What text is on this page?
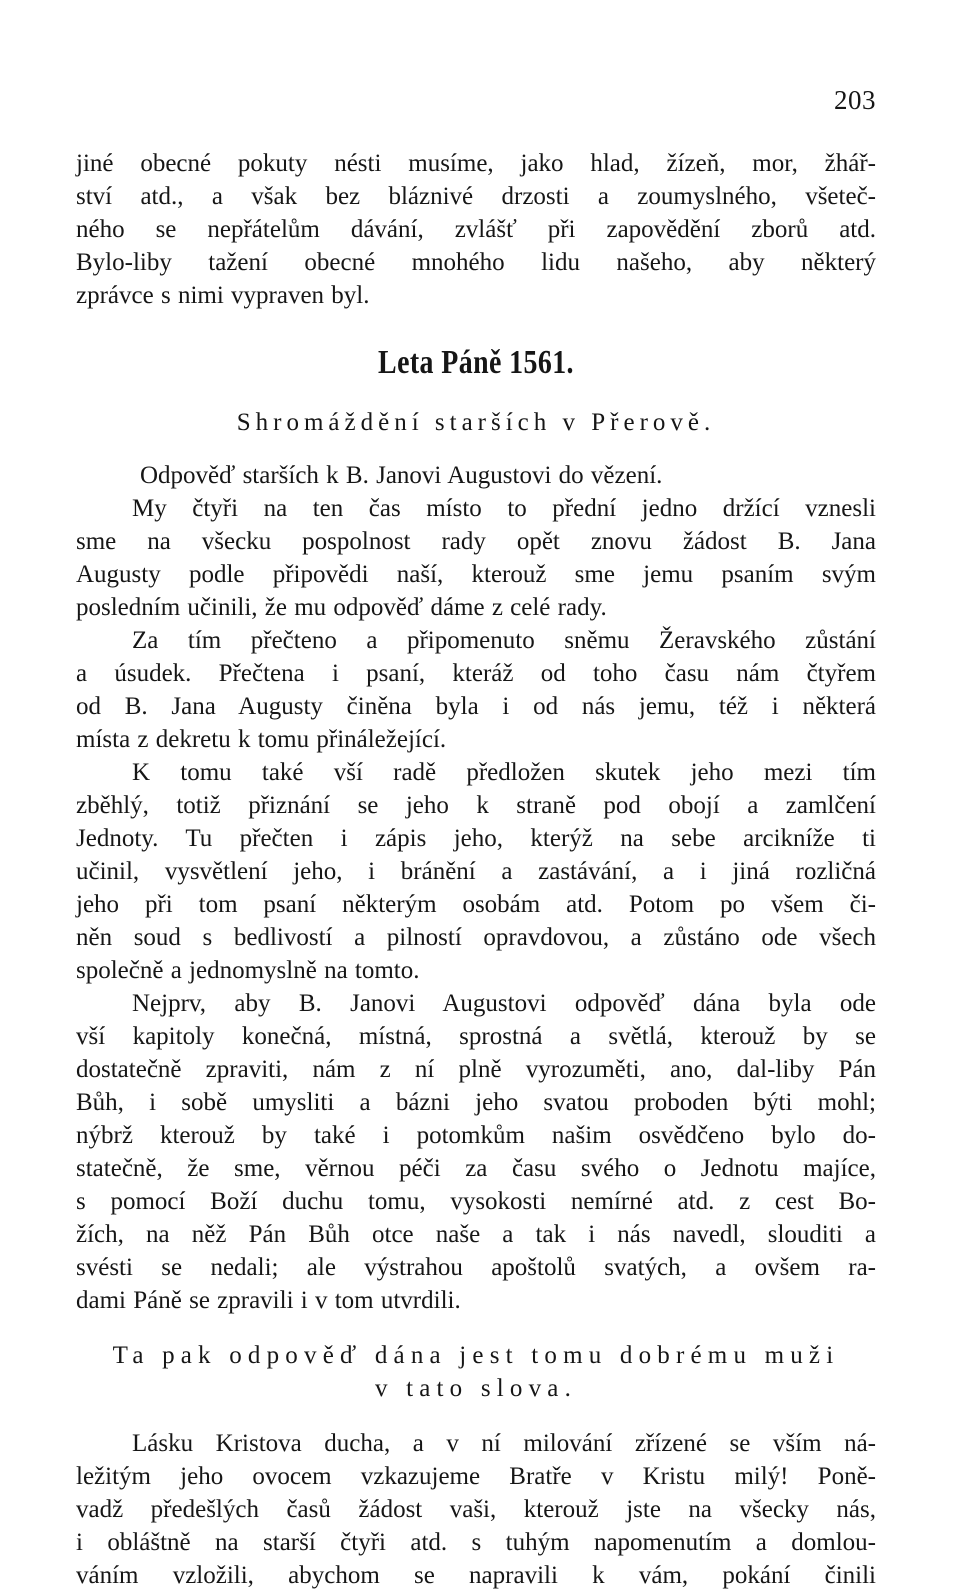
203
jiné obecné pokuty nésti musíme, jako hlad, žízeň, mor, žhář-
ství atd., a však bez bláznivé drzosti a zoumyslného, všeteč-
ného se nepřátelům dávání, zvlášť při zapovědění zborů atd.
Bylo-liby tažení obecné mnohého lidu našeho, aby některý
zprávce s nimi vypraven byl.
Leta Páně 1561.
Shromáždění starších v Přerově.
Odpověď starších k B. Janovi Augustovi do vězení.
My čtyři na ten čas místo to přední jedno držící vznesli
sme na všecku pospolnost rady opět znovu žádost B. Jana
Augusty podle připovědi naší, kterouž sme jemu psaním svým
posledním učinili, že mu odpověď dáme z celé rady.
Za tím přečteno a připomenuto sněmu Žeravského zůstání
a úsudek. Přečtena i psaní, kteráž od toho času nám čtyřem
od B. Jana Augusty činěna byla i od nás jemu, též i některá
místa z dekretu k tomu přináležející.
K tomu také vší radě předložen skutek jeho mezi tím
zběhlý, totiž přiznání se jeho k straně pod obojí a zamlčení
Jednoty. Tu přečten i zápis jeho, kterýž na sebe arcikníže ti
učinil, vysvětlení jeho, i bránění a zastávání, a i jiná rozličná
jeho při tom psaní některým osobám atd. Potom po všem či-
něn soud s bedlivostí a pilností opravdovou, a zůstáno ode všech
společně a jednomyslně na tomto.
Nejprv, aby B. Janovi Augustovi odpověď dána byla ode
vší kapitoly konečná, místná, sprostná a světlá, kterouž by se
dostatečně zpraviti, nám z ní plně vyrozuměti, ano, dal-liby Pán
Bůh, i sobě umysliti a bázni jeho svatou proboden býti mohl;
nýbrž kterouž by také i potomkům našim osvědčeno bylo do-
statečně, že sme, věrnou péči za času svého o Jednotu majíce,
s pomocí Boží duchu tomu, vysokosti nemírné atd. z cest Bo-
žích, na něž Pán Bůh otce naše a tak i nás navedl, slouditi a
svésti se nedali; ale výstrahou apoštolů svatých, a ovšem ra-
dami Páně se zpravili i v tom utvrdili.
Ta pak odpověď dána jest tomu dobrému muži
v tato slova.
Lásku Kristova ducha, a v ní milování zřízené se vším ná-
ležitým jeho ovocem vzkazujeme Bratře v Kristu milý! Poně-
vadž předešlých časů žádost vaši, kterouž jste na všecky nás,
i obláštně na starší čtyři atd. s tuhým napomenutím a domlou-
váním vzložili, abychom se napravili k vám, pokání činili
